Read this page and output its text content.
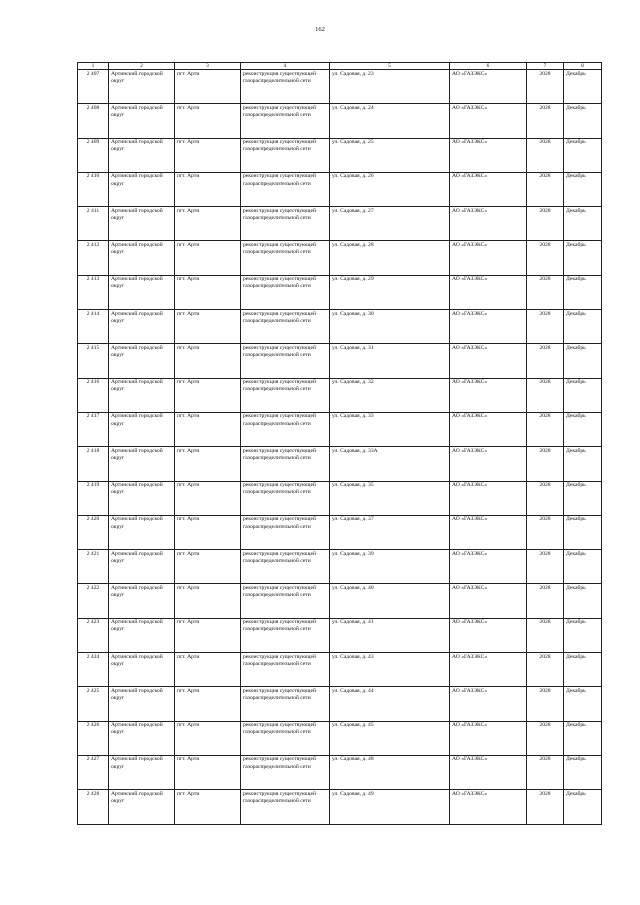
162
1	2	3	4	5	6	7	8
2 407	Артинский городской округ	пгт. Арти	реконструкция существующей газораспределительной сети	ул. Садовая, д. 23	АО «ГАЗЭКС»	2028	Декабрь
2 408	Артинский городской округ	пгт. Арти	реконструкция существующей газораспределительной сети	ул. Садовая, д. 24	АО «ГАЗЭКС»	2028	Декабрь
2 409	Артинский городской округ	пгт. Арти	реконструкция существующей газораспределительной сети	ул. Садовая, д. 25	АО «ГАЗЭКС»	2028	Декабрь
2 410	Артинский городской округ	пгт. Арти	реконструкция существующей газораспределительной сети	ул. Садовая, д. 26	АО «ГАЗЭКС»	2028	Декабрь
2 411	Артинский городской округ	пгт. Арти	реконструкция существующей газораспределительной сети	ул. Садовая, д. 27	АО «ГАЗЭКС»	2028	Декабрь
2 412	Артинский городской округ	пгт. Арти	реконструкция существующей газораспределительной сети	ул. Садовая, д. 28	АО «ГАЗЭКС»	2028	Декабрь
2 413	Артинский городской округ	пгт. Арти	реконструкция существующей газораспределительной сети	ул. Садовая, д. 29	АО «ГАЗЭКС»	2028	Декабрь
2 414	Артинский городской округ	пгт. Арти	реконструкция существующей газораспределительной сети	ул. Садовая, д. 30	АО «ГАЗЭКС»	2028	Декабрь
2 415	Артинский городской округ	пгт. Арти	реконструкция существующей газораспределительной сети	ул. Садовая, д. 31	АО «ГАЗЭКС»	2028	Декабрь
2 416	Артинский городской округ	пгт. Арти	реконструкция существующей газораспределительной сети	ул. Садовая, д. 32	АО «ГАЗЭКС»	2028	Декабрь
2 417	Артинский городской округ	пгт. Арти	реконструкция существующей газораспределительной сети	ул. Садовая, д. 33	АО «ГАЗЭКС»	2028	Декабрь
2 418	Артинский городской округ	пгт. Арти	реконструкция существующей газораспределительной сети	ул. Садовая, д. 33А	АО «ГАЗЭКС»	2028	Декабрь
2 419	Артинский городской округ	пгт. Арти	реконструкция существующей газораспределительной сети	ул. Садовая, д. 35	АО «ГАЗЭКС»	2028	Декабрь
2 420	Артинский городской округ	пгт. Арти	реконструкция существующей газораспределительной сети	ул. Садовая, д. 37	АО «ГАЗЭКС»	2028	Декабрь
2 421	Артинский городской округ	пгт. Арти	реконструкция существующей газораспределительной сети	ул. Садовая, д. 39	АО «ГАЗЭКС»	2028	Декабрь
2 422	Артинский городской округ	пгт. Арти	реконструкция существующей газораспределительной сети	ул. Садовая, д. 40	АО «ГАЗЭКС»	2028	Декабрь
2 423	Артинский городской округ	пгт. Арти	реконструкция существующей газораспределительной сети	ул. Садовая, д. 41	АО «ГАЗЭКС»	2028	Декабрь
2 424	Артинский городской округ	пгт. Арти	реконструкция существующей газораспределительной сети	ул. Садовая, д. 43	АО «ГАЗЭКС»	2028	Декабрь
2 425	Артинский городской округ	пгт. Арти	реконструкция существующей газораспределительной сети	ул. Садовая, д. 44	АО «ГАЗЭКС»	2028	Декабрь
2 426	Артинский городской округ	пгт. Арти	реконструкция существующей газораспределительной сети	ул. Садовая, д. 45	АО «ГАЗЭКС»	2028	Декабрь
2 427	Артинский городской округ	пгт. Арти	реконструкция существующей газораспределительной сети	ул. Садовая, д. 48	АО «ГАЗЭКС»	2028	Декабрь
2 428	Артинский городской округ	пгт. Арти	реконструкция существующей газораспределительной сети	ул. Садовая, д. 49	АО «ГАЗЭКС»	2028	Декабрь
